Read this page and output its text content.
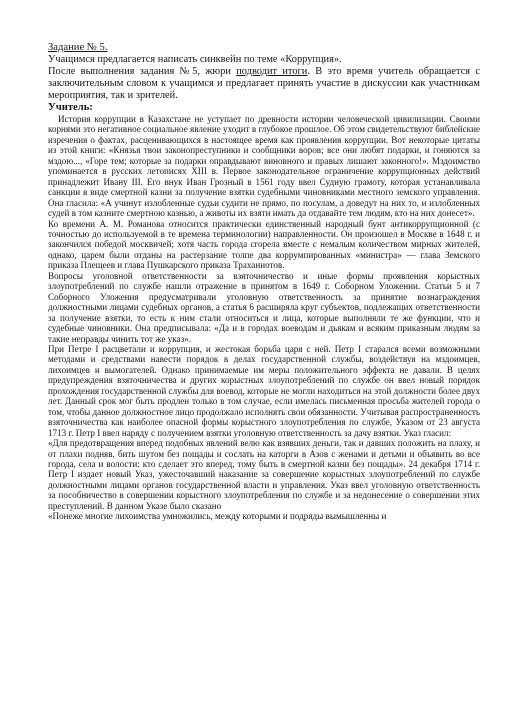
Задание № 5.

Учащимся предлагается написать синквейн по теме «Коррупция».

После выполнения задания №5, жюри подводит итоги. В это время учитель обращается с заключительным словом к учащимся и предлагает принять участие в дискуссии как участникам мероприятия, так и зрителей.

Учитель:

История коррупции в Казахстане не уступает по древности истории человеческой цивилизации. Своими корнями это негативное социальное явление уходит в глубокое прошлое. Об этом свидетельствуют библейские изречения о фактах, расценивающихся в настоящее время как проявления коррупции. Вот некоторые цитаты из этой книги: «Князья твои законопреступники и сообщники воров; все они любят подарки, и гоняются за мздою..., «Горе тем; которые за подарки оправдывают виновного и правых лишают законного!». Мздоимство упоминается в русских летописях XIII в. Первое законодательное ограничение коррупционных действий принадлежит Ивану III. Его внук Иван Грозный в 1561 году ввел Судную грамоту, которая устанавливала санкции в виде смертной казни за получение взятки судебными чиновниками местного земского управления. Она гласила: «А учинут излобленные судьи судити не прямо, по посулам, а доведут на них то, и излобленных судей в том казните смертною казнью, а животы их взяти имать да отдавайте тем людям, кто на них донесет».

Ко времени А. М. Романова относится практически единственный народный бунт антикоррупционной (с точностью до используемой в те времена терминологии) направленности. Он произошел в Москве в 1648 г. и закончился победой москвичей; хотя часть города сгорела вместе с немалым количеством мирных жителей, однако, царем были отданы на растерзание толпе два коррумпированных «министра» — глава Земского приказа Плещеев и глава Пушкарского приказа Траханиотов.

Вопросы уголовной ответственности за взяточничество и иные формы проявления корыстных злоупотреблений по службе нашли отражение в принятом в 1649 г. Соборном Уложении. Статьи 5 и 7 Соборного Уложения предусматривали уголовную ответственность за принятие вознаграждения должностными лицами судебных органов, а статья 6 расширяла круг субъектов, подлежащих ответственности за получение взятки, то есть к ним стали относиться и лица, которые выполняли те же функции, что и судебные чиновники. Она предписывала: «Да и в городах воеводам и дьякам и всяким приказным людям за такие неправды чинить тот же указ».

При Петре I расцветали и коррупция, и жестокая борьба царя с ней. Петр I старался всеми возможными методами и средствами навести порядок в делах государственной службы, воздействуя на мздоимцев, лихоимцев и вымогателей. Однако принимаемые им меры положительного эффекта не давали. В целях предупреждения взяточничества и других корыстных злоупотреблений по службе он ввел новый порядок прохождения государственной службы для воевод, которые не могли находиться на этой должности более двух лет. Данный срок мог быть продлен только в том случае, если имелась письменная просьба жителей города о том, чтобы данное должностное лицо продолжало исполнять свои обязанности. Учитывая распространенность взяточничества как наиболее опасной формы корыстного злоупотребления по службе, Указом от 23 августа 1713 г. Петр I ввел наряду с получением взятки уголовную ответственность за дачу взятки. Указ гласил:

«Для предотвращения вперед подобных явлений велю как взявших деньги, так и давших положить на плаху, и от плахи подняв, бить шутом без пощады и сослать на каторги в Азов с женами и детьми и объявить во все города, села и волости: кто сделает это вперед, тому быть в смертной казни без пощады». 24 декабря 1714 г. Петр I издает новый Указ, ужесточавший наказание за совершение корыстных злоупотреблений по службе должностными лицами органов государственной власти и управления. Указ ввел уголовную ответственность за пособничество в совершении корыстного злоупотребления по службе и за недонесение о совершении этих преступлений. В данном Указе было сказано

«Понеже многие лихоимства умножились, между которыми и подряды вымышленны и
